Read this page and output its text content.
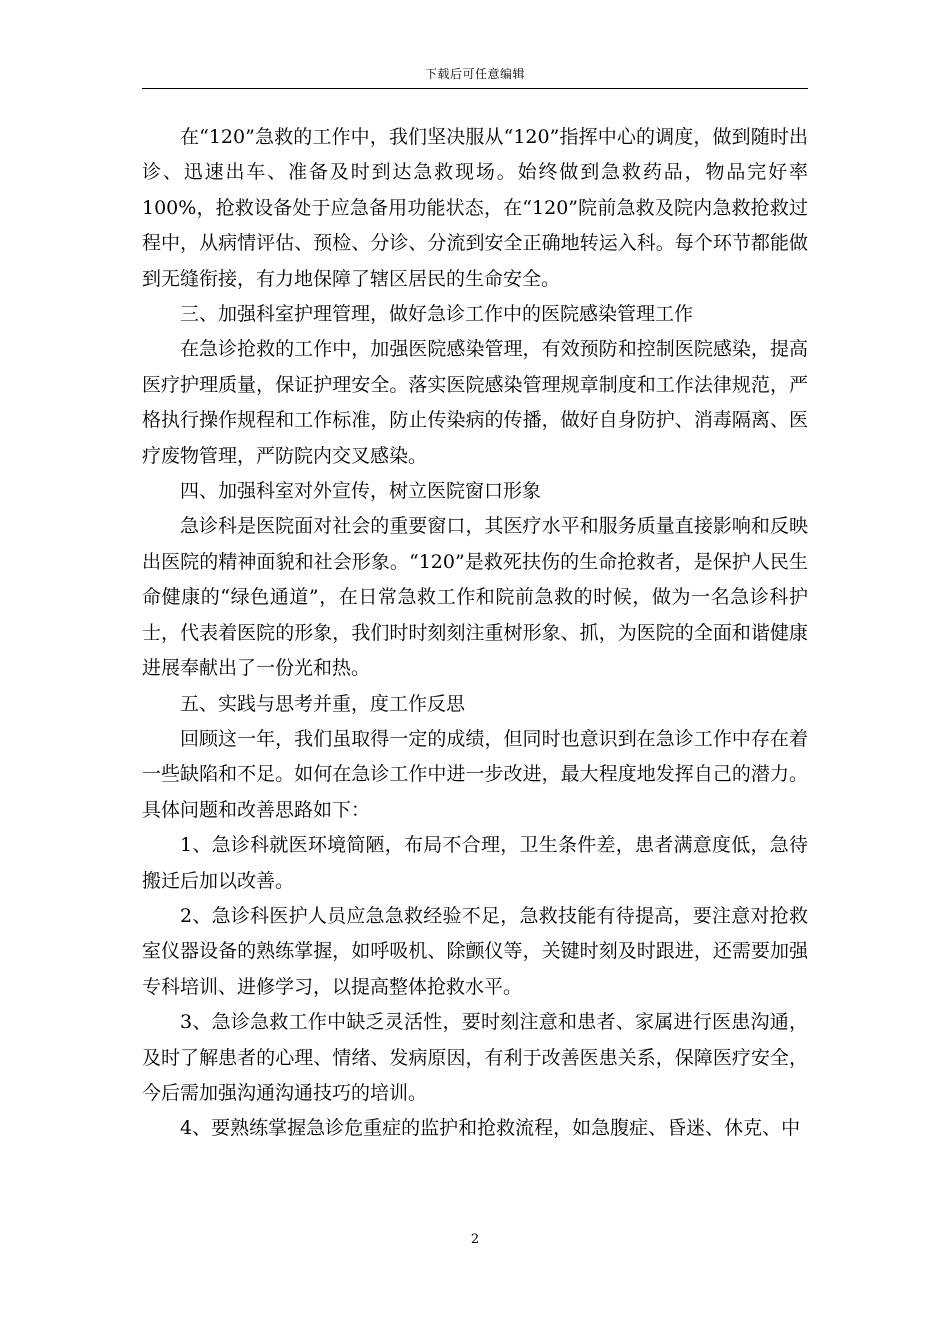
下载后可任意编辑

在“120”急救的工作中，我们坚决服从“120”指挥中心的调度，做到随时出诊、迅速出车、准备及时到达急救现场。始终做到急救药品，物品完好率100%，抢救设备处于应急备用功能状态，在“120”院前急救及院内急救抢救过程中，从病情评估、预检、分诊、分流到安全正确地转运入科。每个环节都能做到无缝衔接，有力地保障了辖区居民的生命安全。

三、加强科室护理管理，做好急诊工作中的医院感染管理工作

在急诊抢救的工作中，加强医院感染管理，有效预防和控制医院感染，提高医疗护理质量，保证护理安全。落实医院感染管理规章制度和工作法律规范，严格执行操作规程和工作标准，防止传染病的传播，做好自身防护、消毒隔离、医疗废物管理，严防院内交叉感染。

四、加强科室对外宣传，树立医院窗口形象

急诊科是医院面对社会的重要窗口，其医疗水平和服务质量直接影响和反映出医院的精神面貌和社会形象。“120”是救死扶伤的生命抢救者，是保护人民生命健康的“绿色通道”，在日常急救工作和院前急救的时候，做为一名急诊科护士，代表着医院的形象，我们时时刻刻注重树形象、抓，为医院的全面和谐健康进展奉献出了一份光和热。

五、实践与思考并重，度工作反思

回顾这一年，我们虽取得一定的成绩，但同时也意识到在急诊工作中存在着一些缺陷和不足。如何在急诊工作中进一步改进，最大程度地发挥自己的潜力。具体问题和改善思路如下：

1、急诊科就医环境简陋，布局不合理，卫生条件差，患者满意度低，急待搬迁后加以改善。

2、急诊科医护人员应急急救经验不足，急救技能有待提高，要注意对抢救室仪器设备的熟练掌握，如呼吸机、除颤仪等，关键时刻及时跟进，还需要加强专科培训、进修学习，以提高整体抢救水平。

3、急诊急救工作中缺乏灵活性，要时刻注意和患者、家属进行医患沟通，及时了解患者的心理、情绪、发病原因，有利于改善医患关系，保障医疗安全，今后需加强沟通沟通技巧的培训。

4、要熟练掌握急诊危重症的监护和抢救流程，如急腹症、昏迷、休克、中

2
